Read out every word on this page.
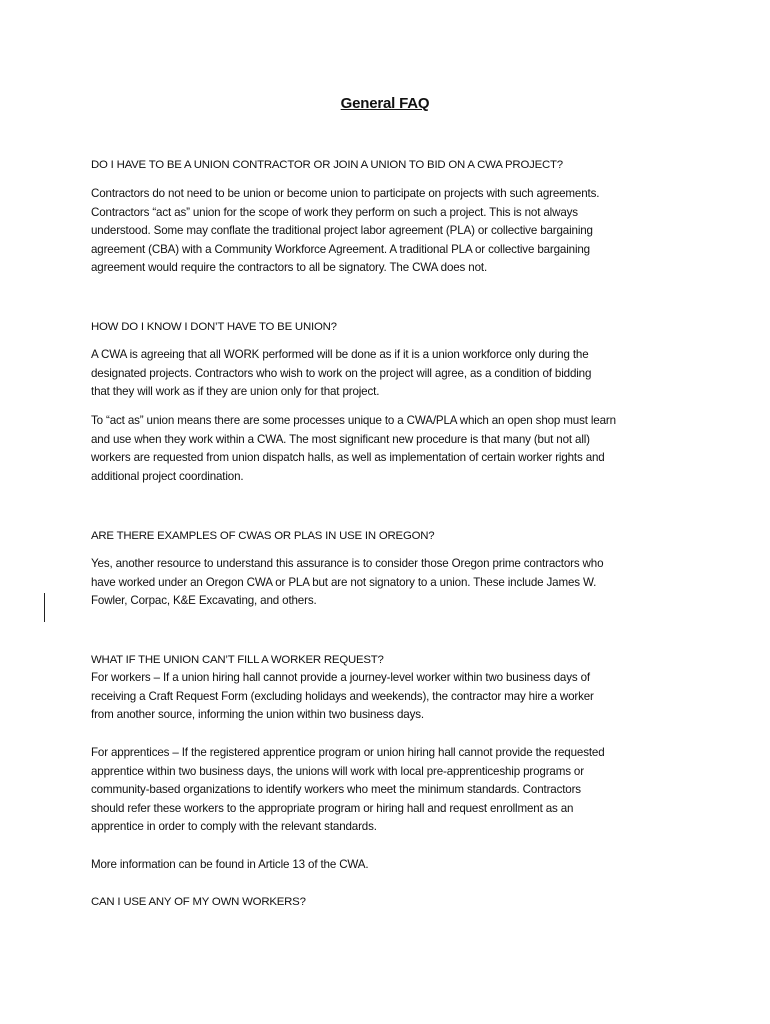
General FAQ

DO I HAVE TO BE A UNION CONTRACTOR OR JOIN A UNION TO BID ON A CWA PROJECT?

Contractors do not need to be union or become union to participate on projects with such agreements.
Contractors “act as” union for the scope of work they perform on such a project. This is not always
understood. Some may conflate the traditional project labor agreement (PLA) or collective bargaining
agreement (CBA) with a Community Workforce Agreement. A traditional PLA or collective bargaining
agreement would require the contractors to all be signatory. The CWA does not.

HOW DO I KNOW I DON’T HAVE TO BE UNION?

A CWA is agreeing that all WORK performed will be done as if it is a union workforce only during the
designated projects. Contractors who wish to work on the project will agree, as a condition of bidding
that they will work as if they are union only for that project.

To “act as” union means there are some processes unique to a CWA/PLA which an open shop must learn
and use when they work within a CWA. The most significant new procedure is that many (but not all)
workers are requested from union dispatch halls, as well as implementation of certain worker rights and
additional project coordination.

ARE THERE EXAMPLES OF CWAS OR PLAS IN USE IN OREGON?

Yes, another resource to understand this assurance is to consider those Oregon prime contractors who
have worked under an Oregon CWA or PLA but are not signatory to a union. These include James W.
Fowler, Corpac, K&E Excavating, and others.

WHAT IF THE UNION CAN’T FILL A WORKER REQUEST?

For workers – If a union hiring hall cannot provide a journey-level worker within two business days of
receiving a Craft Request Form (excluding holidays and weekends), the contractor may hire a worker
from another source, informing the union within two business days.

For apprentices – If the registered apprentice program or union hiring hall cannot provide the requested
apprentice within two business days, the unions will work with local pre-apprenticeship programs or
community-based organizations to identify workers who meet the minimum standards. Contractors
should refer these workers to the appropriate program or hiring hall and request enrollment as an
apprentice in order to comply with the relevant standards.

More information can be found in Article 13 of the CWA.

CAN I USE ANY OF MY OWN WORKERS?
